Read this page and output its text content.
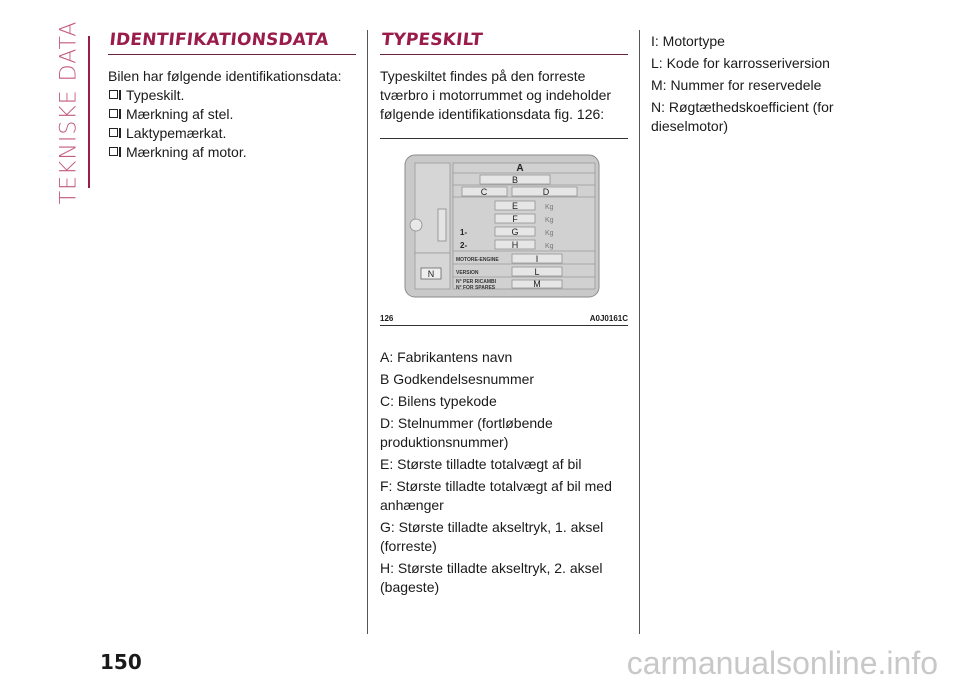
TEKNISKE DATA IDENTIFIKATIONSDATA

Bilen har følgende identifikationsdata:

Typeskilt.
Mærkning af stel.
Laktypemærkat.
Mærkning af motor.
TYPESKILT

Typeskiltet findes på den forreste tværbro i motorrummet og indeholder følgende identifikationsdata fig. 126:

N
A
B
C	D
E	Kg
F	Kg
1-	G	Kg
2-	H	Kg
MOTORE-ENGINE	I
VERSION	L
N° PER RICAMBI
N° FOR SPARES	M
126	A0J0161C

A: Fabrikantens navn

B Godkendelsesnummer

C: Bilens typekode

D: Stelnummer (fortløbende produktionsnummer)

E: Største tilladte totalvægt af bil

F: Største tilladte totalvægt af bil med anhænger

G: Største tilladte akseltryk, 1. aksel (forreste)

H: Største tilladte akseltryk, 2. aksel (bageste)

I: Motortype

L: Kode for karrosseriversion

M: Nummer for reservedele

N: Røgtæthedskoefficient (for dieselmotor)

150	carmanualsonline.info
